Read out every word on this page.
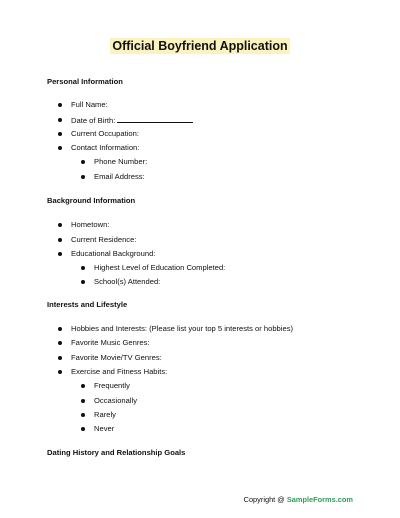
Official Boyfriend Application
Personal Information
Full Name:
Date of Birth:
Current Occupation:
Contact Information:
Phone Number:
Email Address:
Background Information
Hometown:
Current Residence:
Educational Background:
Highest Level of Education Completed:
School(s) Attended:
Interests and Lifestyle
Hobbies and Interests: (Please list your top 5 interests or hobbies)
Favorite Music Genres:
Favorite Movie/TV Genres:
Exercise and Fitness Habits:
Frequently
Occasionally
Rarely
Never
Dating History and Relationship Goals
Copyright @ SampleForms.com
